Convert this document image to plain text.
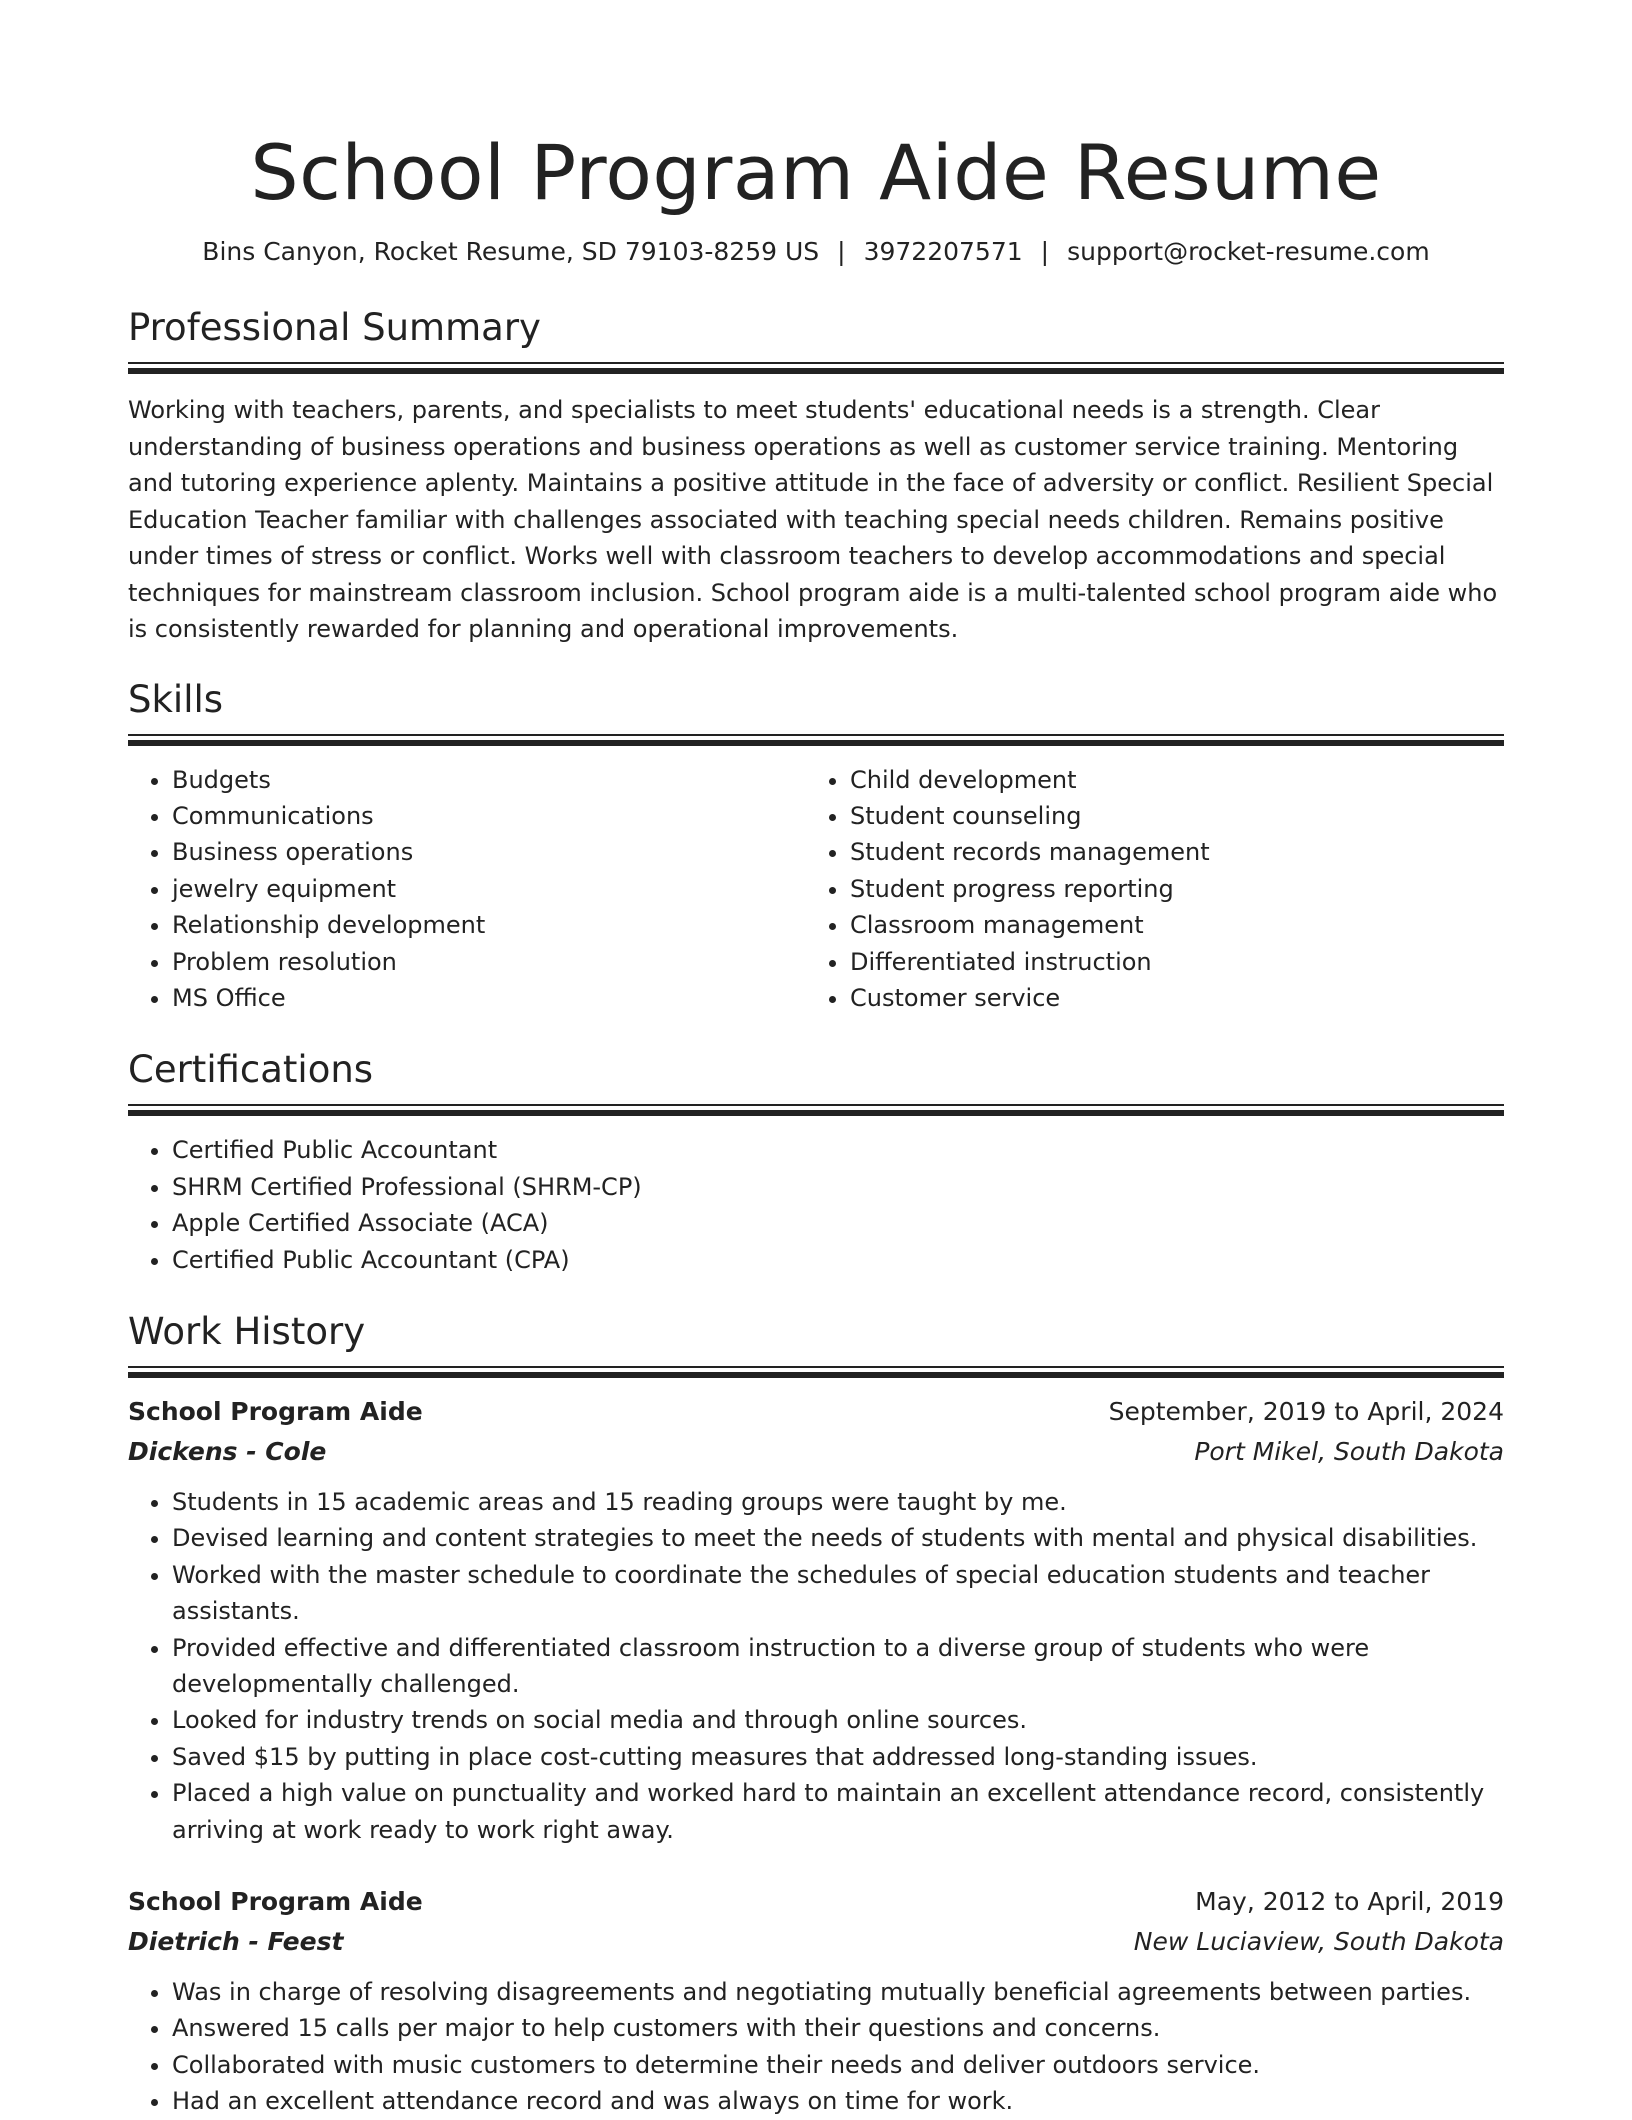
School Program Aide Resume
Bins Canyon, Rocket Resume, SD 79103-8259 US | 3972207571 | support@rocket-resume.com
Professional Summary

Working with teachers, parents, and specialists to meet students' educational needs is a strength. Clear understanding of business operations and business operations as well as customer service training. Mentoring and tutoring experience aplenty. Maintains a positive attitude in the face of adversity or conflict. Resilient Special Education Teacher familiar with challenges associated with teaching special needs children. Remains positive under times of stress or conflict. Works well with classroom teachers to develop accommodations and special techniques for mainstream classroom inclusion. School program aide is a multi-talented school program aide who is consistently rewarded for planning and operational improvements.

Skills
• Budgets
• Communications
• Business operations
• jewelry equipment
• Relationship development
• Problem resolution
• MS Office
• Child development
• Student counseling
• Student records management
• Student progress reporting
• Classroom management
• Differentiated instruction
• Customer service
Certifications
• Certified Public Accountant
• SHRM Certified Professional (SHRM-CP)
• Apple Certified Associate (ACA)
• Certified Public Accountant (CPA)
Work History
School Program Aide	September, 2019 to April, 2024
Dickens - Cole	Port Mikel, South Dakota
• Students in 15 academic areas and 15 reading groups were taught by me.
• Devised learning and content strategies to meet the needs of students with mental and physical disabilities.
• Worked with the master schedule to coordinate the schedules of special education students and teacher assistants.
• Provided effective and differentiated classroom instruction to a diverse group of students who were developmentally challenged.
• Looked for industry trends on social media and through online sources.
• Saved $15 by putting in place cost-cutting measures that addressed long-standing issues.
• Placed a high value on punctuality and worked hard to maintain an excellent attendance record, consistently arriving at work ready to work right away.
School Program Aide	May, 2012 to April, 2019
Dietrich - Feest	New Luciaview, South Dakota
• Was in charge of resolving disagreements and negotiating mutually beneficial agreements between parties.
• Answered 15 calls per major to help customers with their questions and concerns.
• Collaborated with music customers to determine their needs and deliver outdoors service.
• Had an excellent attendance record and was always on time for work.
